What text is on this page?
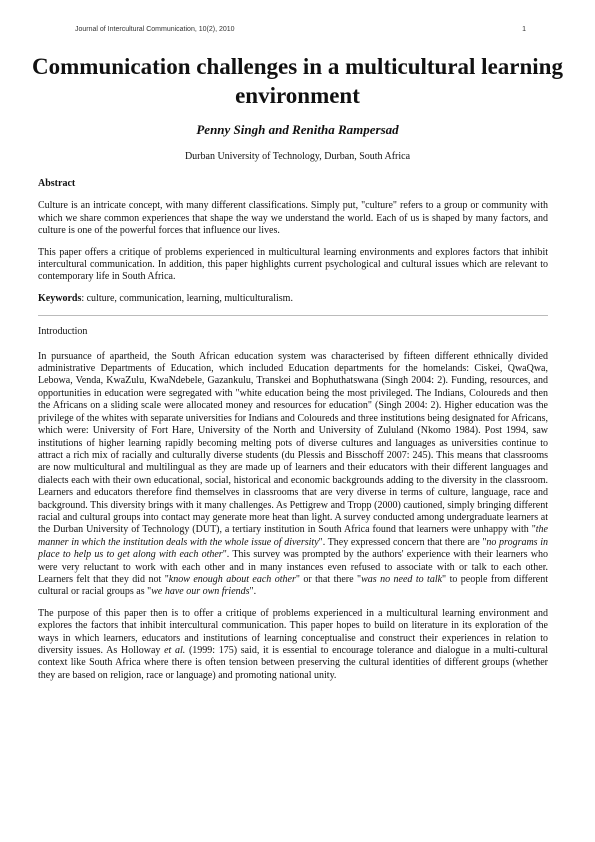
Journal of Intercultural Communication, 10(2), 2010	1
Communication challenges in a multicultural learning environment
Penny Singh and Renitha Rampersad
Durban University of Technology, Durban, South Africa

Abstract

Culture is an intricate concept, with many different classifications. Simply put, "culture" refers to a group or community with which we share common experiences that shape the way we understand the world. Each of us is shaped by many factors, and culture is one of the powerful forces that influence our lives.

This paper offers a critique of problems experienced in multicultural learning environments and explores factors that inhibit intercultural communication. In addition, this paper highlights current psychological and cultural issues which are relevant to contemporary life in South Africa.

Keywords: culture, communication, learning, multiculturalism.

Introduction

In pursuance of apartheid, the South African education system was characterised by fifteen different ethnically divided administrative Departments of Education, which included Education departments for the homelands: Ciskei, QwaQwa, Lebowa, Venda, KwaZulu, KwaNdebele, Gazankulu, Transkei and Bophuthatswana (Singh 2004: 2). Funding, resources, and opportunities in education were segregated with "white education being the most privileged. The Indians, Coloureds and then the Africans on a sliding scale were allocated money and resources for education" (Singh 2004: 2). Higher education was the privilege of the whites with separate universities for Indians and Coloureds and three institutions being designated for Africans, which were: University of Fort Hare, University of the North and University of Zululand (Nkomo 1984). Post 1994, saw institutions of higher learning rapidly becoming melting pots of diverse cultures and languages as universities continue to attract a rich mix of racially and culturally diverse students (du Plessis and Bisschoff 2007: 245). This means that classrooms are now multicultural and multilingual as they are made up of learners and their educators with their different languages and dialects each with their own educational, social, historical and economic backgrounds adding to the diversity in the classroom. Learners and educators therefore find themselves in classrooms that are very diverse in terms of culture, language, race and background. This diversity brings with it many challenges. As Pettigrew and Tropp (2000) cautioned, simply bringing different racial and cultural groups into contact may generate more heat than light. A survey conducted among undergraduate learners at the Durban University of Technology (DUT), a tertiary institution in South Africa found that learners were unhappy with "the manner in which the institution deals with the whole issue of diversity". They expressed concern that there are "no programs in place to help us to get along with each other". This survey was prompted by the authors' experience with their learners who were very reluctant to work with each other and in many instances even refused to associate with or talk to each other. Learners felt that they did not "know enough about each other" or that there "was no need to talk" to people from different cultural or racial groups as "we have our own friends".

The purpose of this paper then is to offer a critique of problems experienced in a multicultural learning environment and explores the factors that inhibit intercultural communication. This paper hopes to build on literature in its exploration of the ways in which learners, educators and institutions of learning conceptualise and construct their experiences in relation to diversity issues. As Holloway et al. (1999: 175) said, it is essential to encourage tolerance and dialogue in a multi-cultural context like South Africa where there is often tension between preserving the cultural identities of different groups (whether they are based on religion, race or language) and promoting national unity.
